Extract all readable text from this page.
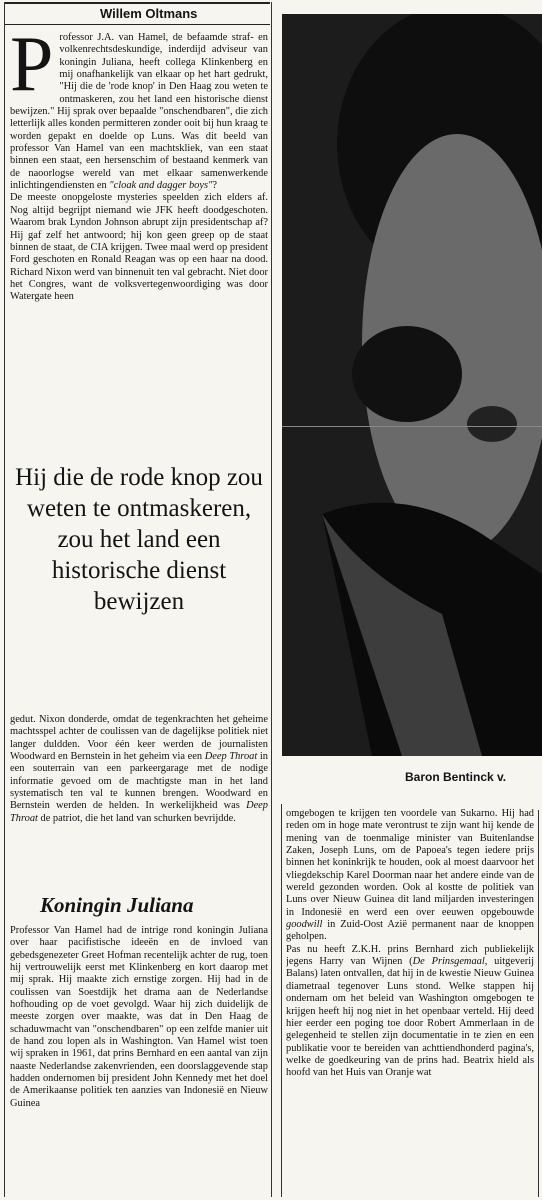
Willem Oltmans
P rofessor J.A. van Hamel, de befaamde straf- en volkenrechtsdeskundige, inderdijd adviseur van koningin Juliana, heeft collega Klinkenberg en mij onafhankelijk van elkaar op het hart gedrukt, "Hij die de 'rode knop' in Den Haag zou weten te ontmaskeren, zou het land een historische dienst bewijzen." Hij sprak over bepaalde "onschendbaren", die zich letterlijk alles konden permitteren zonder ooit bij hun kraag te worden gepakt en doelde op Luns. Was dit beeld van professor Van Hamel van een machtskliek, van een staat binnen een staat, een hersenschim of bestaand kenmerk van de naoorlogse wereld van met elkaar samenwerkende inlichtingendiensten en "cloak and dagger boys"?

De meeste onopgeloste mysteries speelden zich elders af. Nog altijd begrijpt niemand wie JFK heeft doodgeschoten. Waarom brak Lyndon Johnson abrupt zijn presidentschap af? Hij gaf zelf het antwoord; hij kon geen greep op de staat binnen de staat, de CIA krijgen. Twee maal werd op president Ford geschoten en Ronald Reagan was op een haar na dood. Richard Nixon werd van binnenuit ten val gebracht. Niet door het Congres, want de volksvertegenwoordiging was door Watergate heen

Hij die de rode knop zou weten te ontmaskeren, zou het land een historische dienst bewijzen

gedut. Nixon donderde, omdat de tegenkrachten het geheime machtsspel achter de coulissen van de dagelijkse politiek niet langer duldden. Voor één keer werden de journalisten Woodward en Bernstein in het geheim via een Deep Throat in een souterrain van een parkeergarage met de nodige informatie gevoed om de machtigste man in het land systematisch ten val te kunnen brengen. Woodward en Bernstein werden de helden. In werkelijkheid was Deep Throat de patriot, die het land van schurken bevrijdde.

Koningin Juliana

Professor Van Hamel had de intrige rond koningin Juliana over haar pacifistische ideeën en de invloed van gebedsgenezeter Greet Hofman recentelijk achter de rug, toen hij vertrouwelijk eerst met Klinkenberg en kort daarop met mij sprak. Hij maakte zich ernstige zorgen. Hij had in de coulissen van Soestdijk het drama aan de Nederlandse hofhouding op de voet gevolgd. Waar hij zich duidelijk de meeste zorgen over maakte, was dat in Den Haag de schaduwmacht van "onschendbaren" op een zelfde manier uit de hand zou lopen als in Washington. Van Hamel wist toen wij spraken in 1961, dat prins Bernhard en een aantal van zijn naaste Nederlandse zakenvrienden, een doorslaggevende stap hadden ondernomen bij president John Kennedy met het doel de Amerikaanse politiek ten aanzies van Indonesië en Nieuw Guinea

Baron Bentinck v.

omgebogen te krijgen ten voordele van Sukarno. Hij had reden om in hoge mate verontrust te zijn want hij kende de mening van de toenmalige minister van Buitenlandse Zaken, Joseph Luns, om de Papoea's tegen iedere prijs binnen het koninkrijk te houden, ook al moest daarvoor het vliegdekschip Karel Doorman naar het andere einde van de wereld gezonden worden. Ook al kostte de politiek van Luns over Nieuw Guinea dit land miljarden investeringen in Indonesië en werd een over eeuwen opgebouwde goodwill in Zuid-Oost Azië permanent naar de knoppen geholpen.

Pas nu heeft Z.K.H. prins Bernhard zich publiekelijk jegens Harry van Wijnen (De Prinsgemaal, uitgeverij Balans) laten ontvallen, dat hij in de kwestie Nieuw Guinea diametraal tegenover Luns stond. Welke stappen hij ondernam om het beleid van Washington omgebogen te krijgen heeft hij nog niet in het openbaar verteld. Hij deed hier eerder een poging toe door Robert Ammerlaan in de gelegenheid te stellen zijn documentatie in te zien en een publikatie voor te bereiden van achttiendhonderd pagina's, welke de goedkeuring van de prins had. Beatrix hield als hoofd van het Huis van Oranje wat
